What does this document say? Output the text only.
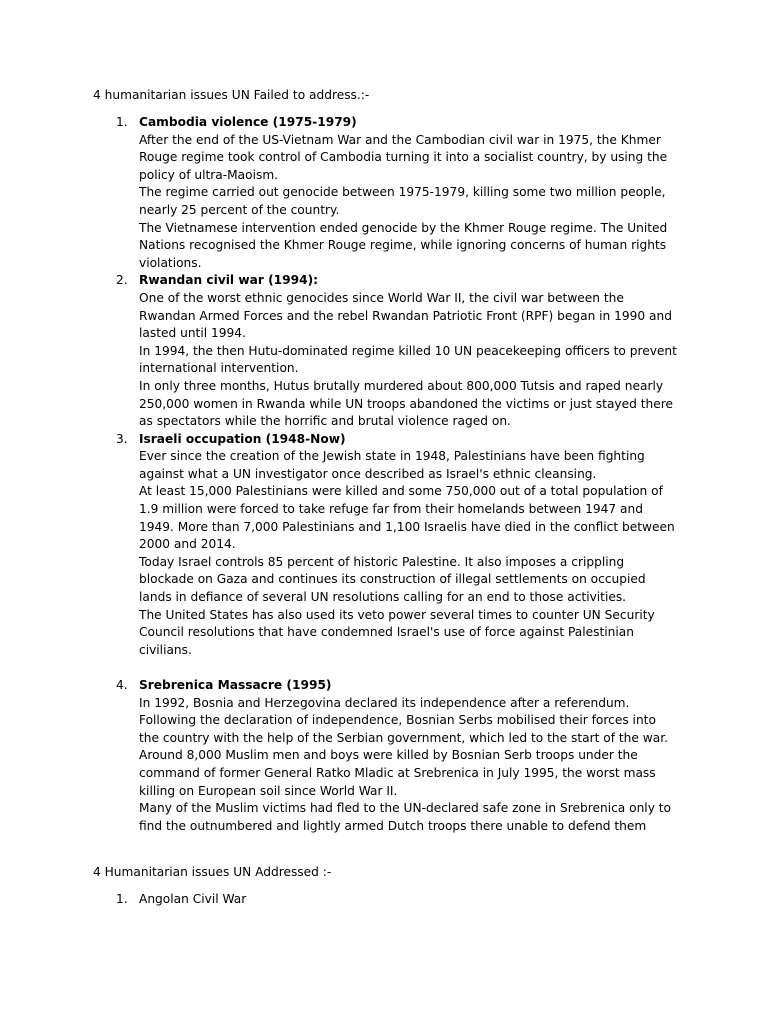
4 humanitarian issues UN Failed to address.:-
1. Cambodia violence (1975-1979)

After the end of the US-Vietnam War and the Cambodian civil war in 1975, the Khmer Rouge regime took control of Cambodia turning it into a socialist country, by using the policy of ultra-Maoism.

The regime carried out genocide between 1975-1979, killing some two million people, nearly 25 percent of the country.

The Vietnamese intervention ended genocide by the Khmer Rouge regime. The United Nations recognised the Khmer Rouge regime, while ignoring concerns of human rights violations.

2. Rwandan civil war (1994):

One of the worst ethnic genocides since World War II, the civil war between the Rwandan Armed Forces and the rebel Rwandan Patriotic Front (RPF) began in 1990 and lasted until 1994.

In 1994, the then Hutu-dominated regime killed 10 UN peacekeeping officers to prevent international intervention.

In only three months, Hutus brutally murdered about 800,000 Tutsis and raped nearly 250,000 women in Rwanda while UN troops abandoned the victims or just stayed there as spectators while the horrific and brutal violence raged on.

3. Israeli occupation (1948-Now)

Ever since the creation of the Jewish state in 1948, Palestinians have been fighting against what a UN investigator once described as Israel's ethnic cleansing.

At least 15,000 Palestinians were killed and some 750,000 out of a total population of 1.9 million were forced to take refuge far from their homelands between 1947 and 1949. More than 7,000 Palestinians and 1,100 Israelis have died in the conflict between 2000 and 2014.

Today Israel controls 85 percent of historic Palestine. It also imposes a crippling blockade on Gaza and continues its construction of illegal settlements on occupied lands in defiance of several UN resolutions calling for an end to those activities.

The United States has also used its veto power several times to counter UN Security Council resolutions that have condemned Israel's use of force against Palestinian civilians.

4. Srebrenica Massacre (1995)

In 1992, Bosnia and Herzegovina declared its independence after a referendum. Following the declaration of independence, Bosnian Serbs mobilised their forces into the country with the help of the Serbian government, which led to the start of the war.

Around 8,000 Muslim men and boys were killed by Bosnian Serb troops under the command of former General Ratko Mladic at Srebrenica in July 1995, the worst mass killing on European soil since World War II.

Many of the Muslim victims had fled to the UN-declared safe zone in Srebrenica only to find the outnumbered and lightly armed Dutch troops there unable to defend them

4 Humanitarian issues UN Addressed :-
1. Angolan Civil War
